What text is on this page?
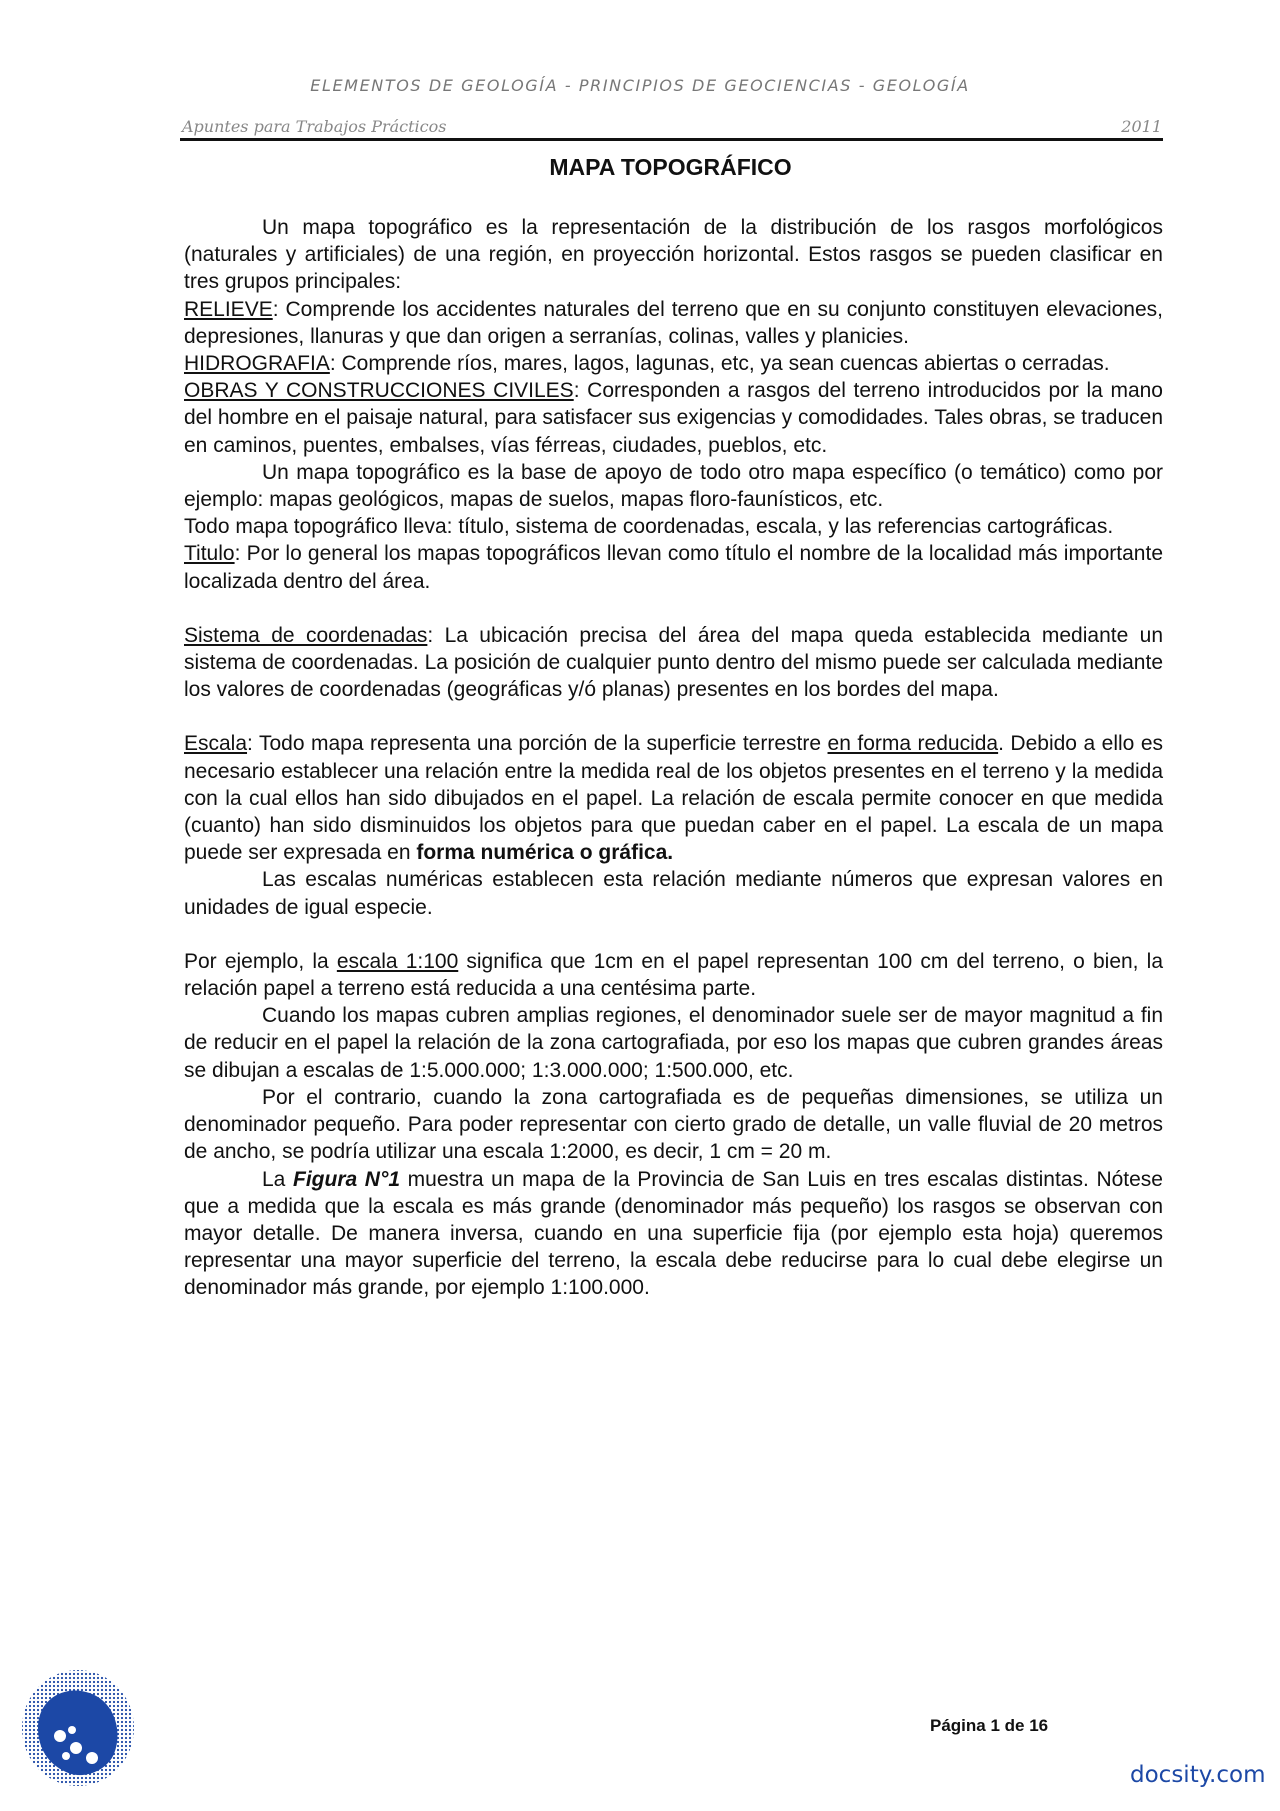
ELEMENTOS DE GEOLOGÍA - PRINCIPIOS DE GEOCIENCIAS - GEOLOGÍA
Apuntes para Trabajos Prácticos	2011
MAPA TOPOGRÁFICO

Un mapa topográfico es la representación de la distribución de los rasgos morfológicos (naturales y artificiales) de una región, en proyección horizontal. Estos rasgos se pueden clasificar en tres grupos principales:

RELIEVE: Comprende los accidentes naturales del terreno que en su conjunto constituyen elevaciones, depresiones, llanuras y que dan origen a serranías, colinas, valles y planicies.

HIDROGRAFIA: Comprende ríos, mares, lagos, lagunas, etc, ya sean cuencas abiertas o cerradas.

OBRAS Y CONSTRUCCIONES CIVILES: Corresponden a rasgos del terreno introducidos por la mano del hombre en el paisaje natural, para satisfacer sus exigencias y comodidades. Tales obras, se traducen en caminos, puentes, embalses, vías férreas, ciudades, pueblos, etc.

Un mapa topográfico es la base de apoyo de todo otro mapa específico (o temático) como por ejemplo: mapas geológicos, mapas de suelos, mapas floro-faunísticos, etc.

Todo mapa topográfico lleva: título, sistema de coordenadas, escala, y las referencias cartográficas.

Titulo: Por lo general los mapas topográficos llevan como título el nombre de la localidad más importante localizada dentro del área.

Sistema de coordenadas: La ubicación precisa del área del mapa queda establecida mediante un sistema de coordenadas. La posición de cualquier punto dentro del mismo puede ser calculada mediante los valores de coordenadas (geográficas y/ó planas) presentes en los bordes del mapa.

Escala: Todo mapa representa una porción de la superficie terrestre en forma reducida. Debido a ello es necesario establecer una relación entre la medida real de los objetos presentes en el terreno y la medida con la cual ellos han sido dibujados en el papel. La relación de escala permite conocer en que medida (cuanto) han sido disminuidos los objetos para que puedan caber en el papel. La escala de un mapa puede ser expresada en forma numérica o gráfica.

Las escalas numéricas establecen esta relación mediante números que expresan valores en unidades de igual especie.

Por ejemplo, la escala 1:100 significa que 1cm en el papel representan 100 cm del terreno, o bien, la relación papel a terreno está reducida a una centésima parte.

Cuando los mapas cubren amplias regiones, el denominador suele ser de mayor magnitud a fin de reducir en el papel la relación de la zona cartografiada, por eso los mapas que cubren grandes áreas se dibujan a escalas de 1:5.000.000; 1:3.000.000; 1:500.000, etc.

Por el contrario, cuando la zona cartografiada es de pequeñas dimensiones, se utiliza un denominador pequeño. Para poder representar con cierto grado de detalle, un valle fluvial de 20 metros de ancho, se podría utilizar una escala 1:2000, es decir, 1 cm = 20 m.

La Figura N°1 muestra un mapa de la Provincia de San Luis en tres escalas distintas. Nótese que a medida que la escala es más grande (denominador más pequeño) los rasgos se observan con mayor detalle. De manera inversa, cuando en una superficie fija (por ejemplo esta hoja) queremos representar una mayor superficie del terreno, la escala debe reducirse para lo cual debe elegirse un denominador más grande, por ejemplo 1:100.000.

Página 1 de 16
docsity.com
